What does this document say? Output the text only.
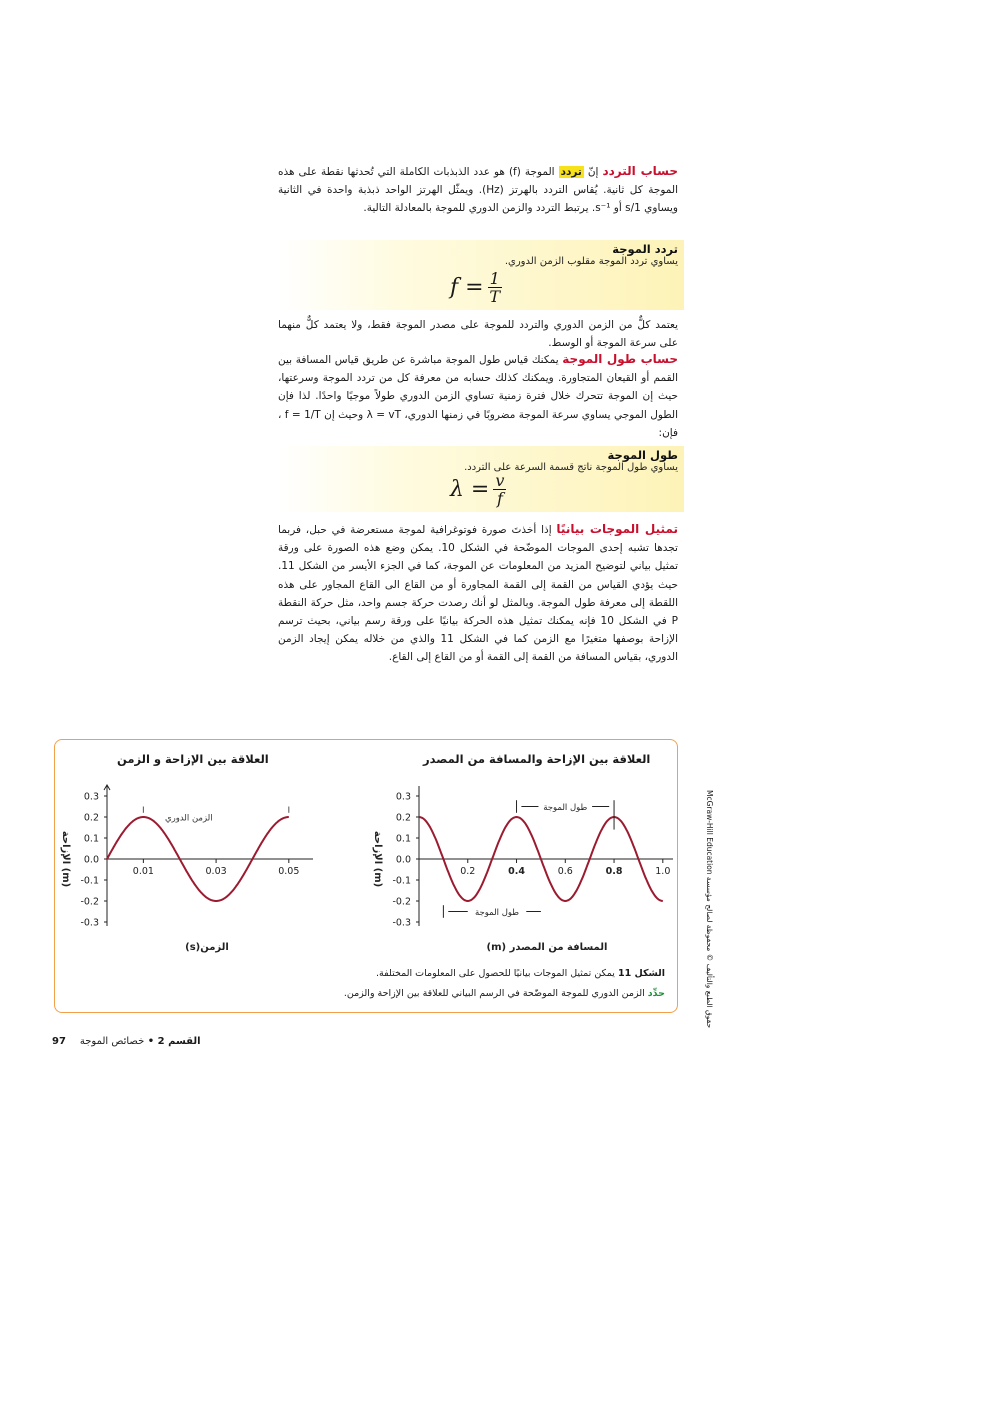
حساب التردد إنّ تردد الموجة (f) هو عدد الذبذبات الكاملة التي تُحدثها نقطة على هذه الموجة كل ثانية. يُقاس التردد بالهرتز (Hz). ويمثّل الهرتز الواحد ذبذبة واحدة في الثانية ويساوي 1/s أو s⁻¹. يرتبط التردد والزمن الدوري للموجة بالمعادلة التالية.
تردد الموجة
يساوي تردد الموجة مقلوب الزمن الدوري.
$f = \frac{1}{T}$
يعتمد كلٌّ من الزمن الدوري والتردد للموجة على مصدر الموجة فقط، ولا يعتمد كلٌّ منهما على سرعة الموجة أو الوسط.
حساب طول الموجة يمكنك قياس طول الموجة مباشرة عن طريق قياس المسافة بين القمم أو القيعان المتجاورة. ويمكنك كذلك حسابه من معرفة كل من تردد الموجة وسرعتها، حيث إن الموجة تتحرك خلال فترة زمنية تساوي الزمن الدوري طولاً موجيًا واحدًا. لذا فإن الطول الموجي يساوي سرعة الموجة مضروبًا في زمنها الدوري، λ = vT وحيث إن f = 1/T ، فإن:
طول الموجة
يساوي طول الموجة ناتج قسمة السرعة على التردد.
$\lambda = \frac{v}{f}$
تمثيل الموجات بيانيًا إذا أخذتَ صورة فوتوغرافية لموجة مستعرضة في حبل، فربما تجدها تشبه إحدى الموجات الموضّحة في الشكل 10. يمكن وضع هذه الصورة على ورقة تمثيل بياني لتوضيح المزيد من المعلومات عن الموجة، كما في الجزء الأيسر من الشكل 11. حيث يؤدي القياس من القمة إلى القمة المجاورة أو من القاع الى القاع المجاور على هذه اللقطة إلى معرفة طول الموجة. وبالمثل لو أنك رصدت حركة جسم واحد، مثل حركة النقطة P في الشكل 10 فإنه يمكنك تمثيل هذه الحركة بيانيًا على ورقة رسم بياني، بحيث ترسم الإزاحة بوصفها متغيرًا مع الزمن كما في الشكل 11 والذي من خلاله يمكن إيجاد الزمن الدوري، بقياس المسافة من القمة إلى القمة أو من القاع إلى القاع.
العلاقة بين الإزاحة و الزمن	العلاقة بين الإزاحة والمسافة من المصدر
0.3
0.2
0.1
0.0
-0.1
-0.2
-0.3
0.01	0.03	0.05
الزمن(s)
الإزاحة (m)
الزمن الدوري
0.3
0.2
0.1
0.0
-0.1
-0.2
-0.3
0.2	0.4	0.6	0.8	1.0
المسافة من المصدر (m)
الإزاحة (m)
طول الموجة
طول الموجة
الشكل 11 يمكن تمثيل الموجات بيانيًا للحصول على المعلومات المختلفة.
حدِّد الزمن الدوري للموجة الموضّحة في الرسم البياني للعلاقة بين الإزاحة والزمن.
حقوق الطبع والتأليف © محفوظة لصالح مؤسسة McGraw-Hill Education
القسم 2 • خصائص الموجة    97
